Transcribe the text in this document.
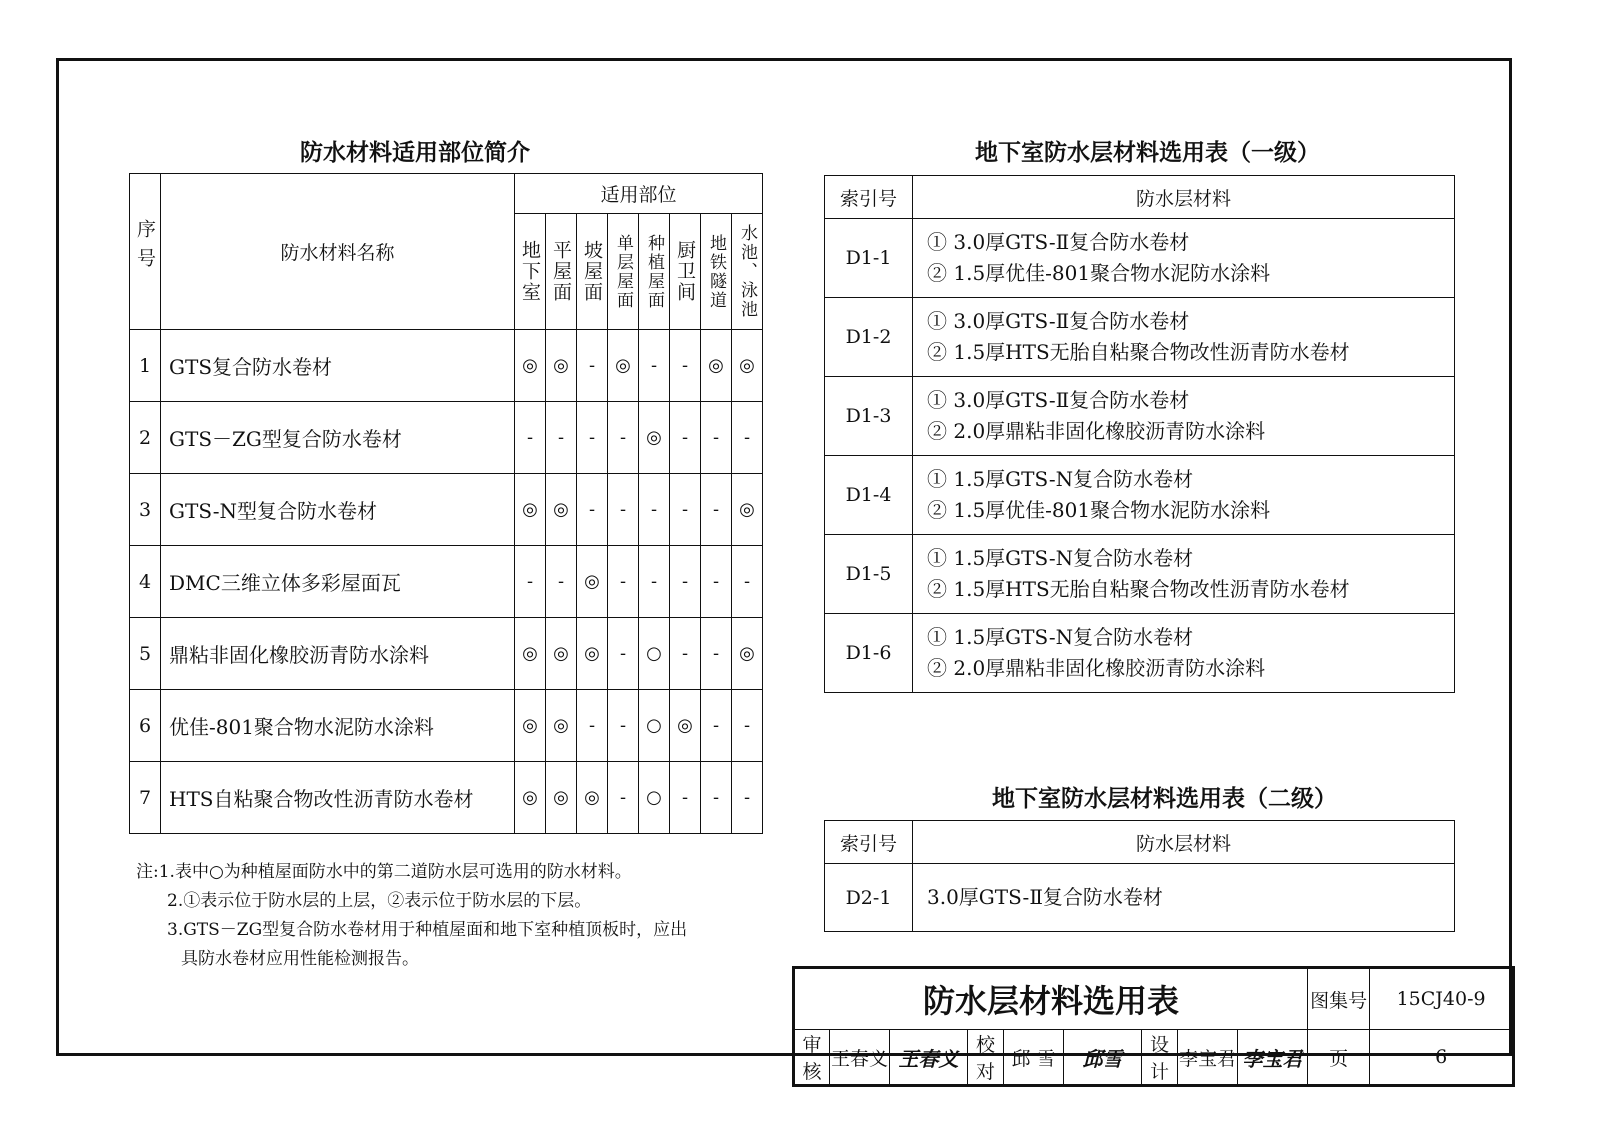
防水材料适用部位简介
序号	防水材料名称	适用部位							
		地下室	平屋面	坡屋面	单层屋面	种植屋面	厨卫间	地铁隧道	水池、泳池
1	GTS复合防水卷材	◎	◎	-	◎	-	-	◎	◎
2	GTS－ZG型复合防水卷材	-	-	-	-	◎	-	-	-
3	GTS-N型复合防水卷材	◎	◎	-	-	-	-	-	◎
4	DMC三维立体多彩屋面瓦	-	-	◎	-	-	-	-	-
5	鼎粘非固化橡胶沥青防水涂料	◎	◎	◎	-	○	-	-	◎
6	优佳-801聚合物水泥防水涂料	◎	◎	-	-	○	◎	-	-
7	HTS自粘聚合物改性沥青防水卷材	◎	◎	◎	-	○	-	-	-
注:1.表中○为种植屋面防水中的第二道防水层可选用的防水材料。
2.①表示位于防水层的上层，②表示位于防水层的下层。
3.GTS－ZG型复合防水卷材用于种植屋面和地下室种植顶板时，应出
具防水卷材应用性能检测报告。
地下室防水层材料选用表（一级）
索引号	防水层材料
D1-1	① 3.0厚GTS-Ⅱ复合防水卷材
② 1.5厚优佳-801聚合物水泥防水涂料

D1-2	① 3.0厚GTS-Ⅱ复合防水卷材
② 1.5厚HTS无胎自粘聚合物改性沥青防水卷材

D1-3	① 3.0厚GTS-Ⅱ复合防水卷材
② 2.0厚鼎粘非固化橡胶沥青防水涂料

D1-4	① 1.5厚GTS-N复合防水卷材
② 1.5厚优佳-801聚合物水泥防水涂料

D1-5	① 1.5厚GTS-N复合防水卷材
② 1.5厚HTS无胎自粘聚合物改性沥青防水卷材

D1-6	① 1.5厚GTS-N复合防水卷材
② 2.0厚鼎粘非固化橡胶沥青防水涂料
地下室防水层材料选用表（二级）
索引号	防水层材料
D2-1	3.0厚GTS-Ⅱ复合防水卷材
防水层材料选用表									图集号	15CJ40-9
审核	王春义	王春义	校对	邱 雪	邱雪	设计	李宝君	李宝君	页	6
